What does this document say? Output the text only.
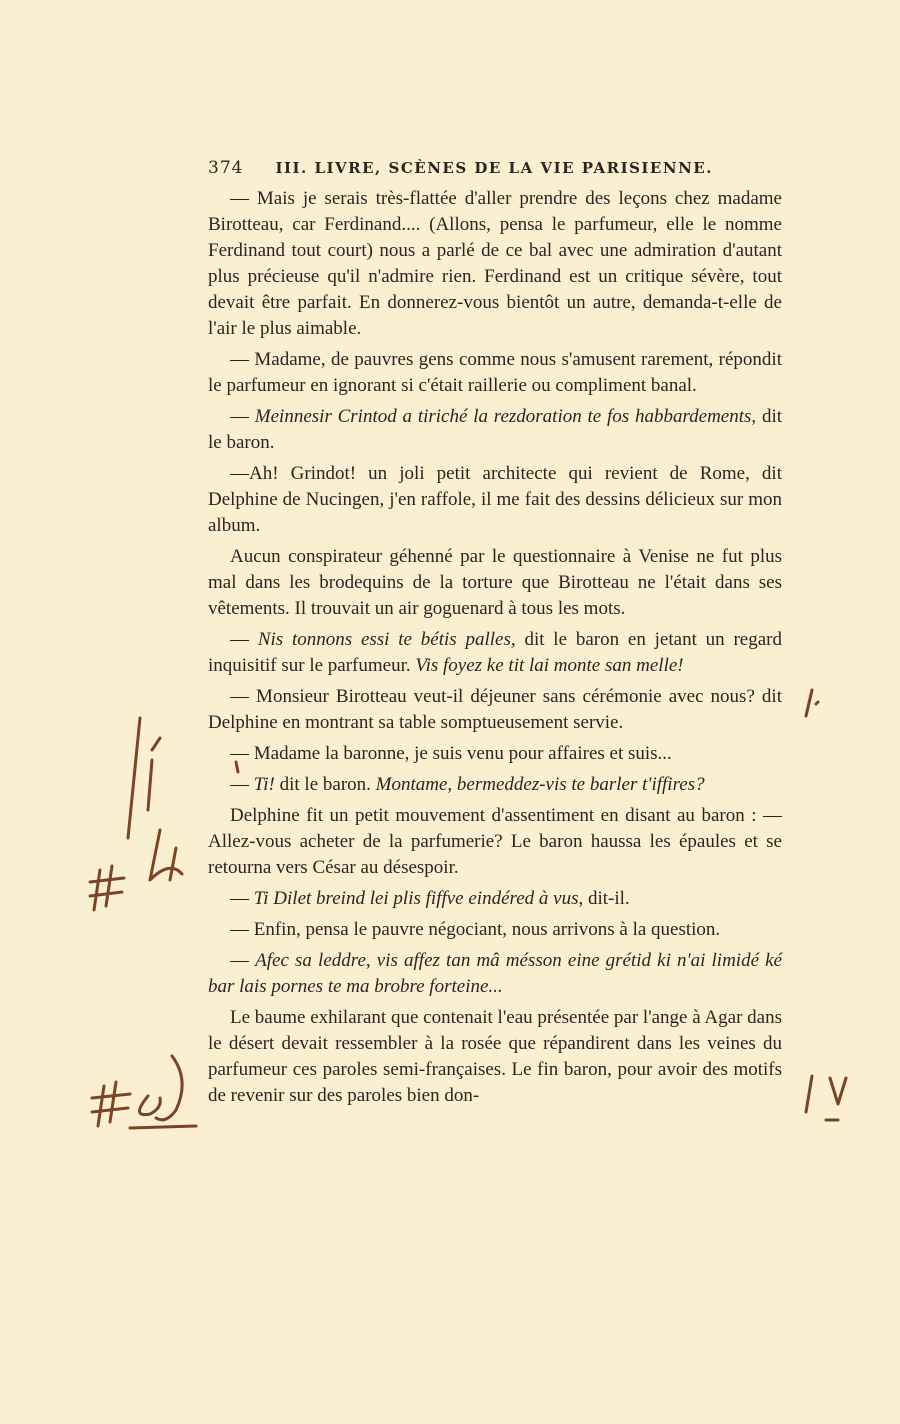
374 III. LIVRE, SCÈNES DE LA VIE PARISIENNE.

— Mais je serais très-flattée d'aller prendre des leçons chez madame Birotteau, car Ferdinand.... (Allons, pensa le parfumeur, elle le nomme Ferdinand tout court) nous a parlé de ce bal avec une admiration d'autant plus précieuse qu'il n'admire rien. Ferdinand est un critique sévère, tout devait être parfait. En donnerez-vous bientôt un autre, demanda-t-elle de l'air le plus aimable.

— Madame, de pauvres gens comme nous s'amusent rarement, répondit le parfumeur en ignorant si c'était raillerie ou compliment banal.

— Meinnesir Crintod a tiriché la rezdoration te fos habbardements, dit le baron.

—Ah! Grindot! un joli petit architecte qui revient de Rome, dit Delphine de Nucingen, j'en raffole, il me fait des dessins délicieux sur mon album.

Aucun conspirateur géhenné par le questionnaire à Venise ne fut plus mal dans les brodequins de la torture que Birotteau ne l'était dans ses vêtements. Il trouvait un air goguenard à tous les mots.

— Nis tonnons essi te bétis palles, dit le baron en jetant un regard inquisitif sur le parfumeur. Vis foyez ke tit lai monte san melle!

— Monsieur Birotteau veut-il déjeuner sans cérémonie avec nous? dit Delphine en montrant sa table somptueusement servie.

— Madame la baronne, je suis venu pour affaires et suis...

— Ti! dit le baron. Montame, bermeddez-vis te barler t'iffires?

Delphine fit un petit mouvement d'assentiment en disant au baron : — Allez-vous acheter de la parfumerie? Le baron haussa les épaules et se retourna vers César au désespoir.

— Ti Dilet breind lei plis fiffve eindéred à vus, dit-il.

— Enfin, pensa le pauvre négociant, nous arrivons à la question.

— Afec sa leddre, vis affez tan mâ mésson eine grétid ki n'ai limidé ké bar lais pornes te ma brobre forteine...

Le baume exhilarant que contenait l'eau présentée par l'ange à Agar dans le désert devait ressembler à la rosée que répandirent dans les veines du parfumeur ces paroles semi-françaises. Le fin baron, pour avoir des motifs de revenir sur des paroles bien don-
